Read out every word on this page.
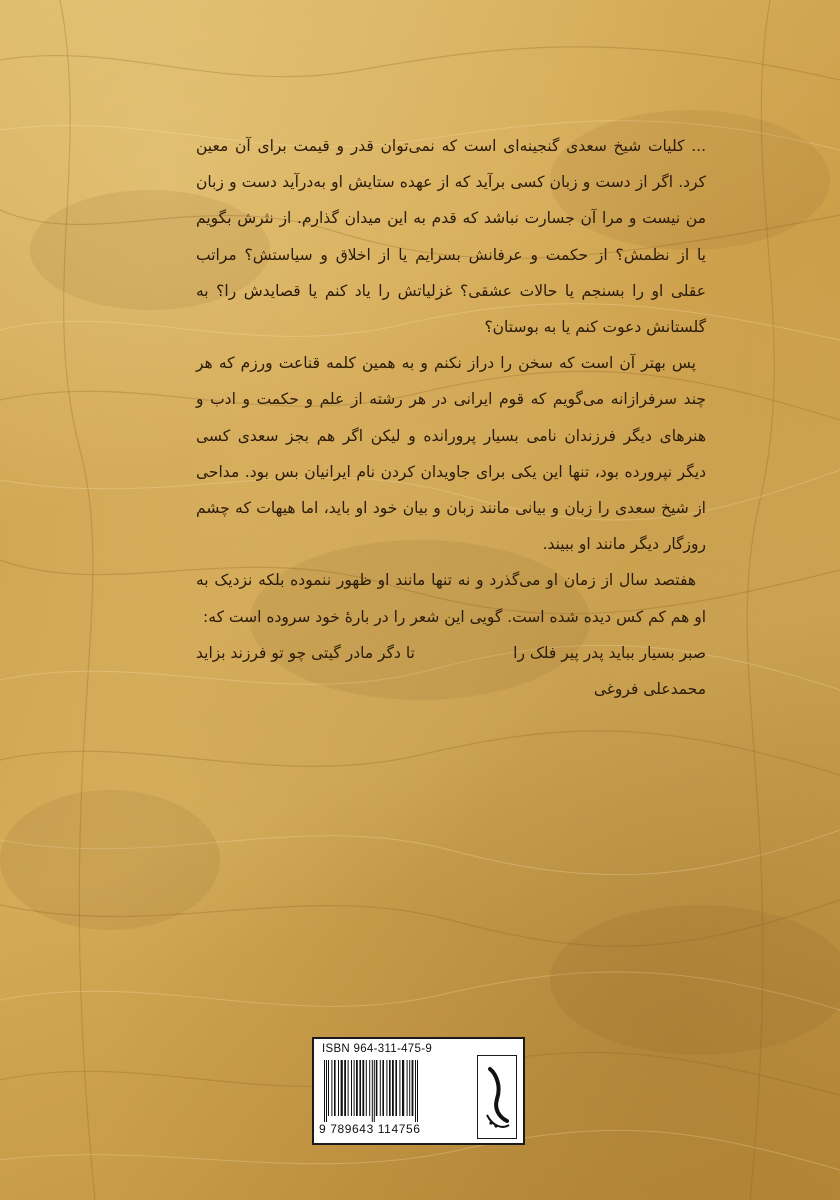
... کلیات شیخ سعدی گنجینه‌ای است که نمی‌توان قدر و قیمت برای آن معین کرد. اگر از دست و زبان کسی برآید که از عهده ستایش او به‌درآید دست و زبان من نیست و مرا آن جسارت نباشد که قدم به این میدان گذارم. از نثرش بگویم یا از نظمش؟ از حکمت و عرفانش بسرایم یا از اخلاق و سیاستش؟ مراتب عقلی او را بسنجم یا حالات عشقی؟ غزلیاتش را یاد کنم یا قصایدش را؟ به گلستانش دعوت کنم یا به بوستان؟

پس بهتر آن است که سخن را دراز نکنم و به همین کلمه قناعت ورزم که هر چند سرفرازانه می‌گویم که قوم ایرانی در هر رشته از علم و حکمت و ادب و هنرهای دیگر فرزندان نامی بسیار پرورانده و لیکن اگر هم بجز سعدی کسی دیگر نپرورده بود، تنها این یکی برای جاویدان کردن نام ایرانیان بس بود. مداحی از شیخ سعدی را زبان و بیانی مانند زبان و بیان خود او باید، اما هیهات که چشم روزگار دیگر مانند او ببیند.

هفتصد سال از زمان او می‌گذرد و نه تنها مانند او ظهور ننموده بلکه نزدیک به او هم کم کس دیده شده است. گویی این شعر را در بارهٔ خود سروده است که:

صبر بسیار بباید پدر پیر فلک را
تا دگر مادر گیتی چو تو فرزند بزاید

محمدعلی فروغی

ISBN 964-311-475-9
9 789643 114756
